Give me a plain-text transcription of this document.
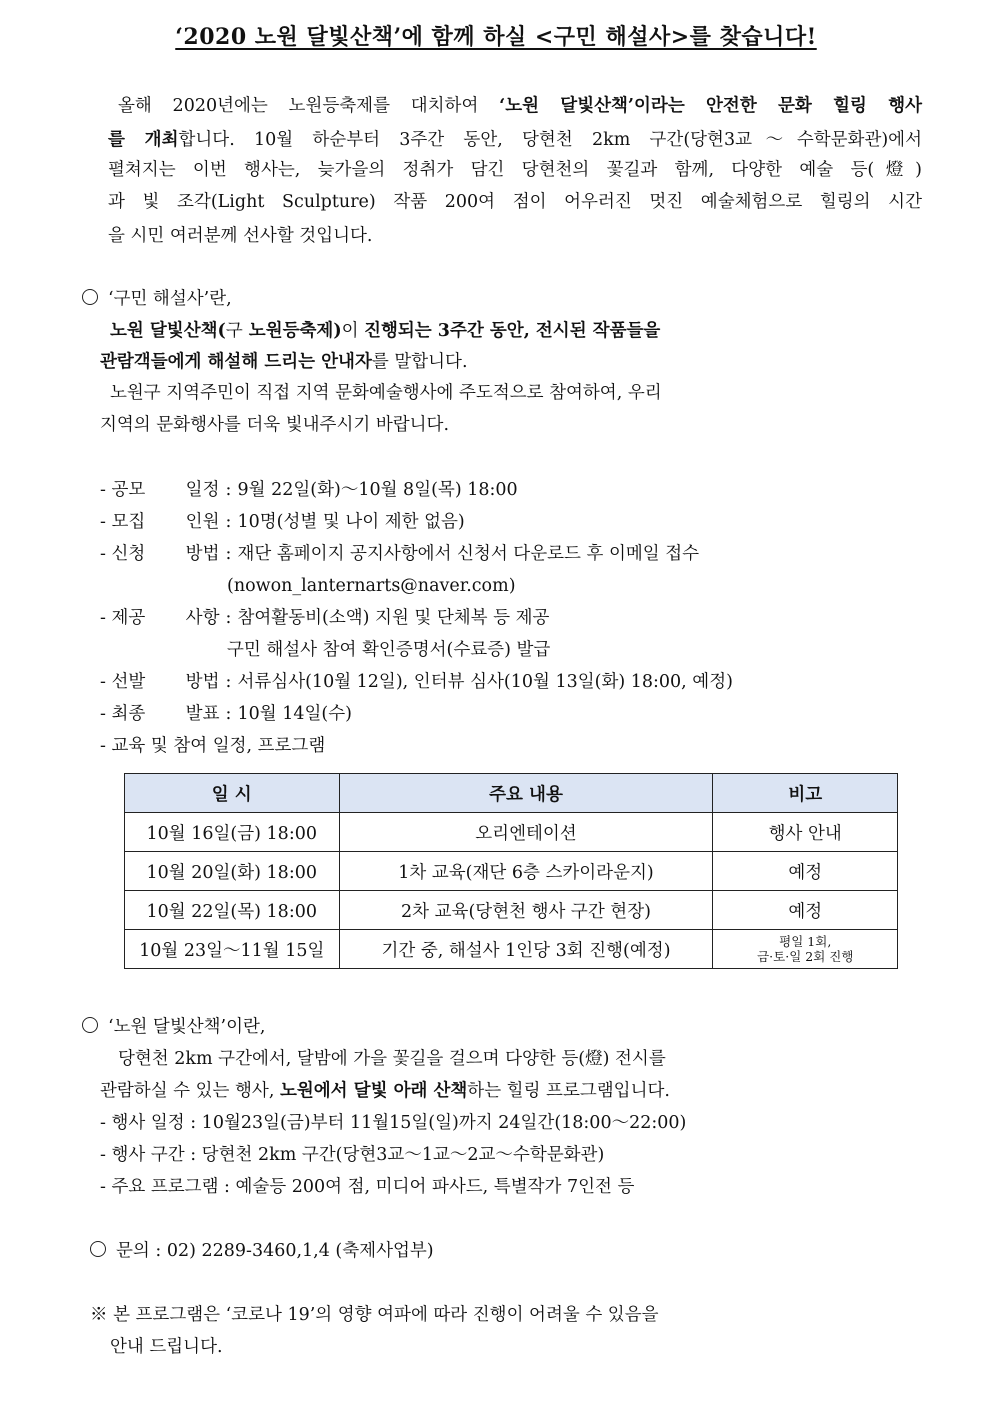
‘2020 노원 달빛산책’에 함께 하실 <구민 해설사>를 찾습니다!
올해 2020년에는 노원등축제를 대치하여 ‘노원 달빛산책’이라는 안전한 문화 힐링 행사
를 개최합니다. 10월 하순부터 3주간 동안, 당현천 2km 구간(당현3교～수학문화관)에서
펼쳐지는 이번 행사는, 늦가을의 정취가 담긴 당현천의 꽃길과 함께, 다양한 예술 등(燈)
과 빛 조각(Light Sculpture) 작품 200여 점이 어우러진 멋진 예술체험으로 힐링의 시간
을 시민 여러분께 선사할 것입니다.
‘구민 해설사’란,
노원 달빛산책(구 노원등축제)이 진행되는 3주간 동안, 전시된 작품들을
관람객들에게 해설해 드리는 안내자를 말합니다.
노원구 지역주민이 직접 지역 문화예술행사에 주도적으로 참여하여, 우리
지역의 문화행사를 더욱 빛내주시기 바랍니다.
- 공모 일정 : 9월 22일(화)～10월 8일(목) 18:00
- 모집 인원 : 10명(성별 및 나이 제한 없음)
- 신청 방법 : 재단 홈페이지 공지사항에서 신청서 다운로드 후 이메일 접수
(nowon_lanternarts@naver.com)
- 제공 사항 : 참여활동비(소액) 지원 및 단체복 등 제공
구민 해설사 참여 확인증명서(수료증) 발급
- 선발 방법 : 서류심사(10월 12일), 인터뷰 심사(10월 13일(화) 18:00, 예정)
- 최종 발표 : 10월 14일(수)
- 교육 및 참여 일정, 프로그램
일 시	주요 내용	비고
10월 16일(금) 18:00	오리엔테이션	행사 안내
10월 20일(화) 18:00	1차 교육(재단 6층 스카이라운지)	예정
10월 22일(목) 18:00	2차 교육(당현천 행사 구간 현장)	예정
10월 23일～11월 15일	기간 중, 해설사 1인당 3회 진행(예정)	평일 1회,
금·토·일 2회 진행
‘노원 달빛산책’이란,
당현천 2km 구간에서, 달밤에 가을 꽃길을 걸으며 다양한 등(燈) 전시를
관람하실 수 있는 행사, 노원에서 달빛 아래 산책하는 힐링 프로그램입니다.
- 행사 일정 : 10월23일(금)부터 11월15일(일)까지 24일간(18:00～22:00)
- 행사 구간 : 당현천 2km 구간(당현3교～1교～2교～수학문화관)
- 주요 프로그램 : 예술등 200여 점, 미디어 파사드, 특별작가 7인전 등
문의 : 02) 2289-3460,1,4 (축제사업부)
※ 본 프로그램은 ‘코로나 19’의 영향 여파에 따라 진행이 어려울 수 있음을
안내 드립니다.
